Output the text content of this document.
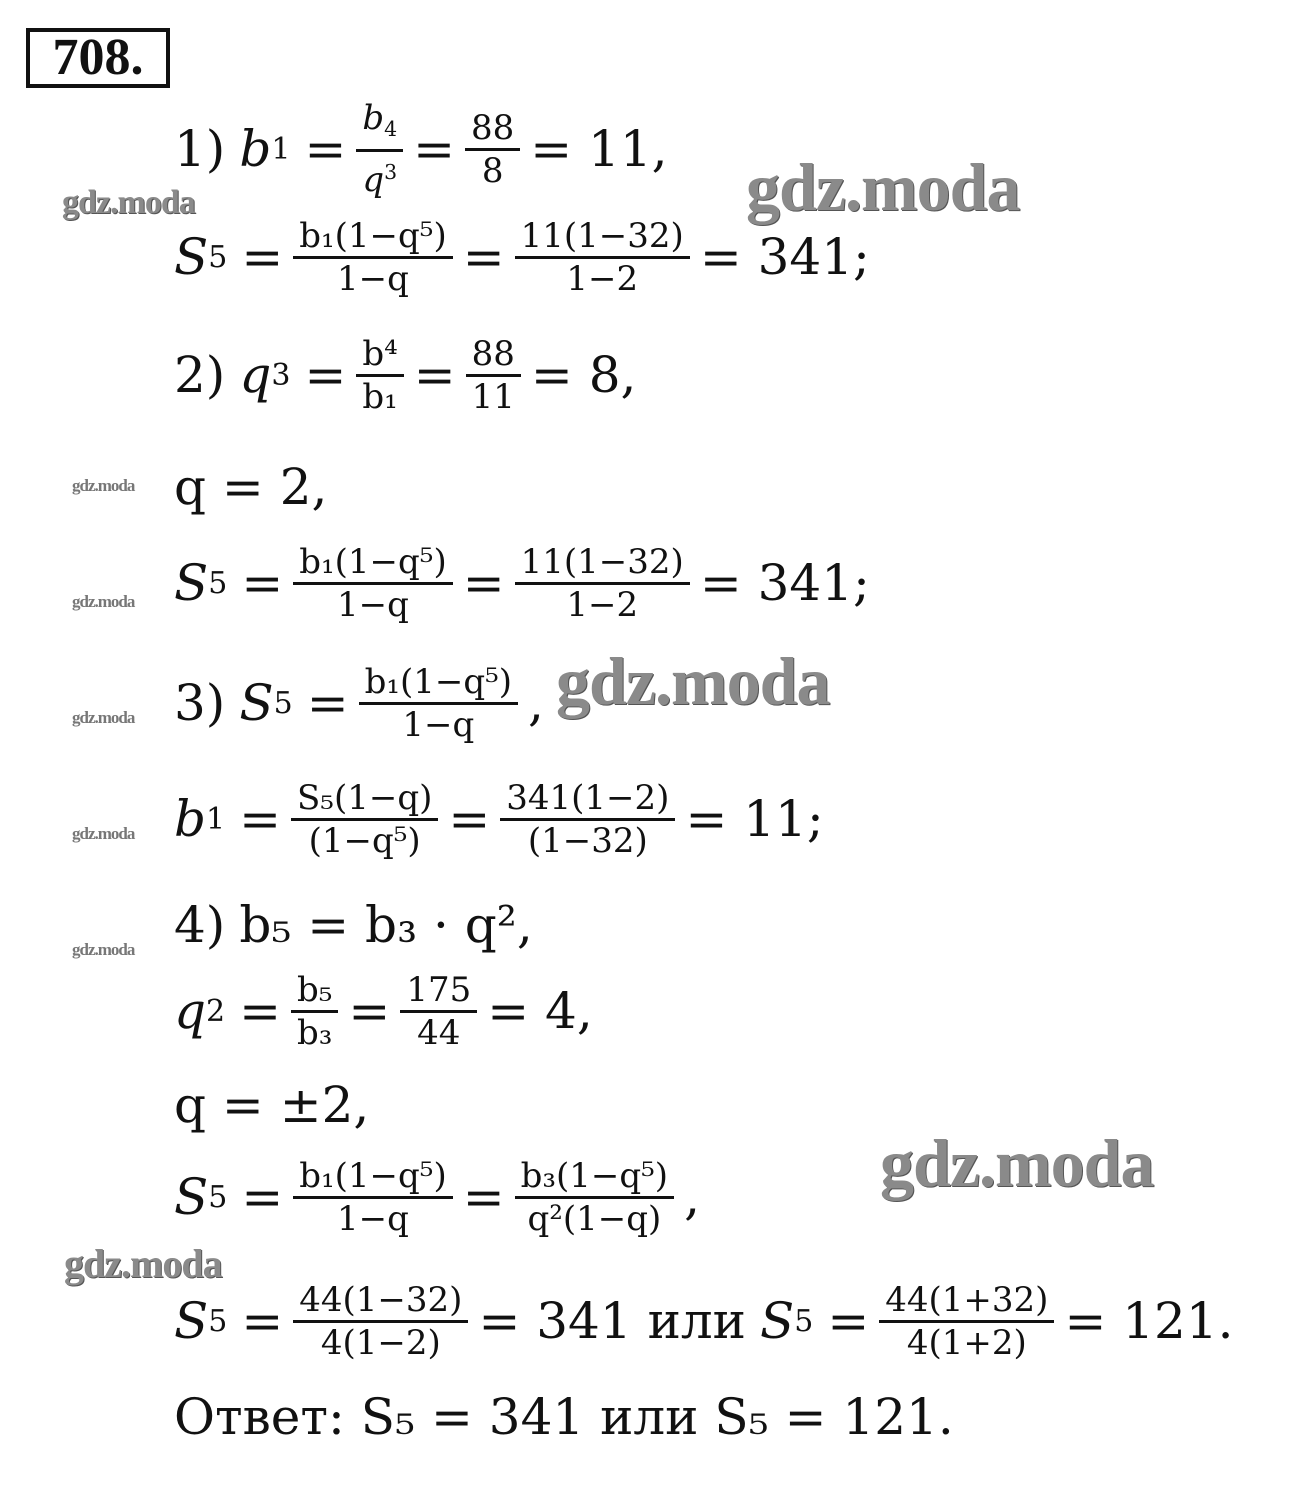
708.
gdz.moda
gdz.moda
gdz.moda
gdz.moda
gdz.moda
gdz.moda
gdz.moda
gdz.moda
gdz.moda
gdz.moda
1) b $1 = \frac{b_4}{q^3} = \frac{88}{8} = 11$,
S $5 = \frac{\text{b₁(1−q⁵)}}{1-q} = \frac{11(1-32)}{1-2} = 341$;
2) q $3 = \frac{\text{b⁴}}{\text{b₁}} = \frac{88}{11} = 8$,
q = 2,
S $5 = \frac{\text{b₁(1−q⁵)}}{1-q} = \frac{11(1-32)}{1-2} = 341$;
3) S $5 = \frac{\text{b₁(1−q⁵)}}{1-q}$ ,
b $1 = \frac{\text{S₅(1−q)}}{\text{(1−q⁵)}} = \frac{341(1-2)}{(1-32)} = 11$;
4) b₅ = b₃ · q²,
q $2 = \frac{\text{b₅}}{\text{b₃}} = \frac{175}{44} = 4$,
q = ±2,
S $5 = \frac{\text{b₁(1−q⁵)}}{1-q} = \frac{\text{b₃(1−q⁵)}}{\text{q²(1−q)}}$ ,
S $5 = \frac{44(1-32)}{4(1-2)} = 341$ или S $5 = \frac{44(1+32)}{4(1+2)} = 121$.
Ответ: S₅ = 341 или S₅ = 121.
